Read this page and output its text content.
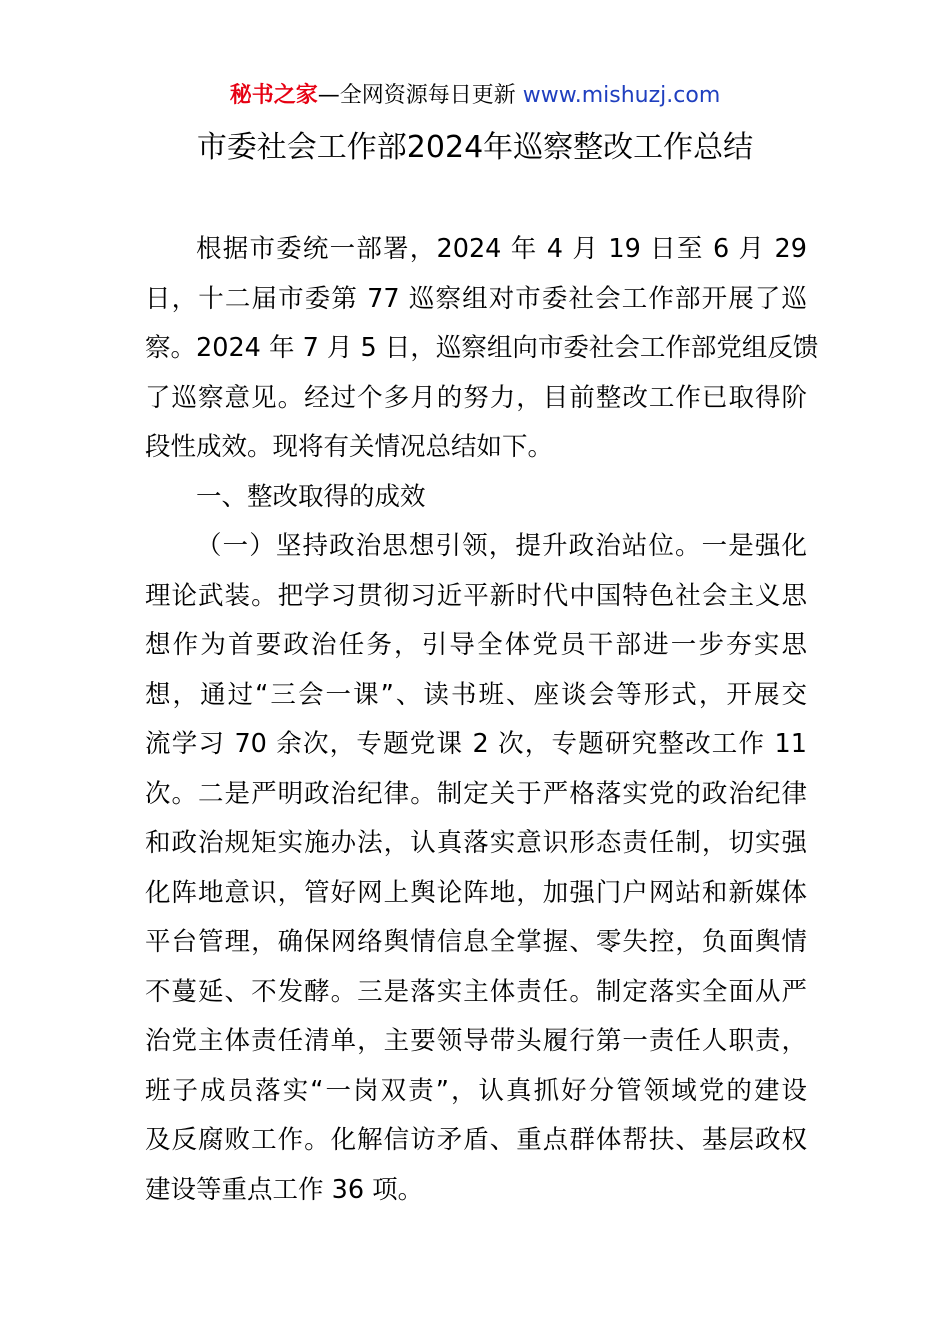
秘书之家—全网资源每日更新 www.mishuzj.com
市委社会工作部2024年巡察整改工作总结
根据市委统一部署，2024 年 4 月 19 日至 6 月 29
日，十二届市委第 77 巡察组对市委社会工作部开展了巡
察。2024 年 7 月 5 日，巡察组向市委社会工作部党组反馈
了巡察意见。经过个多月的努力，目前整改工作已取得阶
段性成效。现将有关情况总结如下。
一、整改取得的成效
（一）坚持政治思想引领，提升政治站位。一是强化
理论武装。把学习贯彻习近平新时代中国特色社会主义思
想作为首要政治任务，引导全体党员干部进一步夯实思
想，通过“三会一课”、读书班、座谈会等形式，开展交
流学习 70 余次，专题党课 2 次，专题研究整改工作 11
次。二是严明政治纪律。制定关于严格落实党的政治纪律
和政治规矩实施办法，认真落实意识形态责任制，切实强
化阵地意识，管好网上舆论阵地，加强门户网站和新媒体
平台管理，确保网络舆情信息全掌握、零失控，负面舆情
不蔓延、不发酵。三是落实主体责任。制定落实全面从严
治党主体责任清单，主要领导带头履行第一责任人职责，
班子成员落实“一岗双责”，认真抓好分管领域党的建设
及反腐败工作。化解信访矛盾、重点群体帮扶、基层政权
建设等重点工作 36 项。
